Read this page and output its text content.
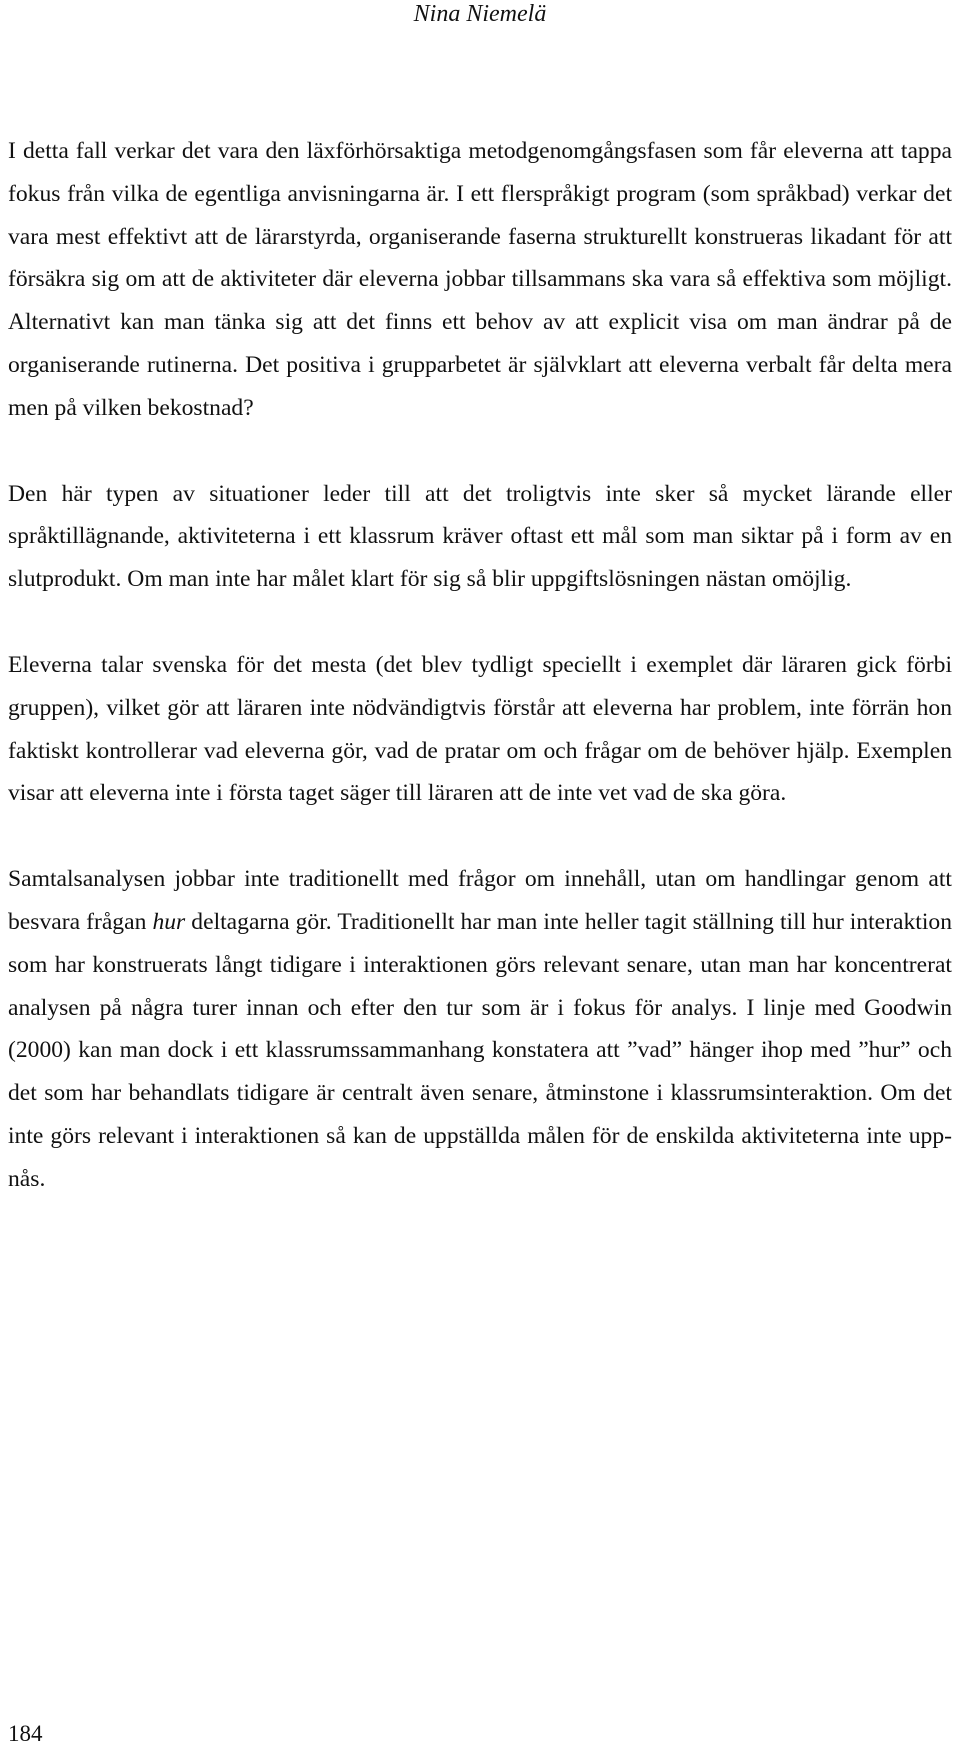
Nina Niemelä

I detta fall verkar det vara den läxförhörsaktiga metodgenomgångsfasen som får eleverna att tappa fokus från vilka de egentliga anvisningarna är. I ett flerspråkigt program (som språkbad) verkar det vara mest effektivt att de lärarstyrda, organiserande faserna strukturellt konstrueras likadant för att försäkra sig om att de aktiviteter där eleverna jobbar tillsammans ska vara så effektiva som möjligt. Alternativt kan man tänka sig att det finns ett behov av att explicit visa om man ändrar på de organiserande rutinerna. Det positiva i grupparbetet är självklart att eleverna verbalt får delta mera men på vilken bekostnad?

Den här typen av situationer leder till att det troligtvis inte sker så mycket lärande eller språktillägnande, aktiviteterna i ett klassrum kräver oftast ett mål som man siktar på i form av en slutprodukt. Om man inte har målet klart för sig så blir uppgiftslösningen nästan omöjlig.

Eleverna talar svenska för det mesta (det blev tydligt speciellt i exemplet där läraren gick förbi gruppen), vilket gör att läraren inte nödvändigtvis förstår att eleverna har problem, inte förrän hon faktiskt kontrollerar vad eleverna gör, vad de pratar om och frågar om de behöver hjälp. Exemplen visar att eleverna inte i första taget säger till läraren att de inte vet vad de ska göra.

Samtalsanalysen jobbar inte traditionellt med frågor om innehåll, utan om handlingar genom att besvara frågan hur deltagarna gör. Traditionellt har man inte heller tagit ställning till hur interaktion som har konstruerats långt tidigare i interaktionen görs relevant senare, utan man har koncentrerat analysen på några turer innan och efter den tur som är i fokus för analys. I linje med Goodwin (2000) kan man dock i ett klassrumssammanhang konstatera att ”vad” hänger ihop med ”hur” och det som har behandlats tidigare är centralt även senare, åtminstone i klassrumsinteraktion. Om det inte görs relevant i interaktionen så kan de uppställda målen för de enskilda aktiviteterna inte uppnås.

184
